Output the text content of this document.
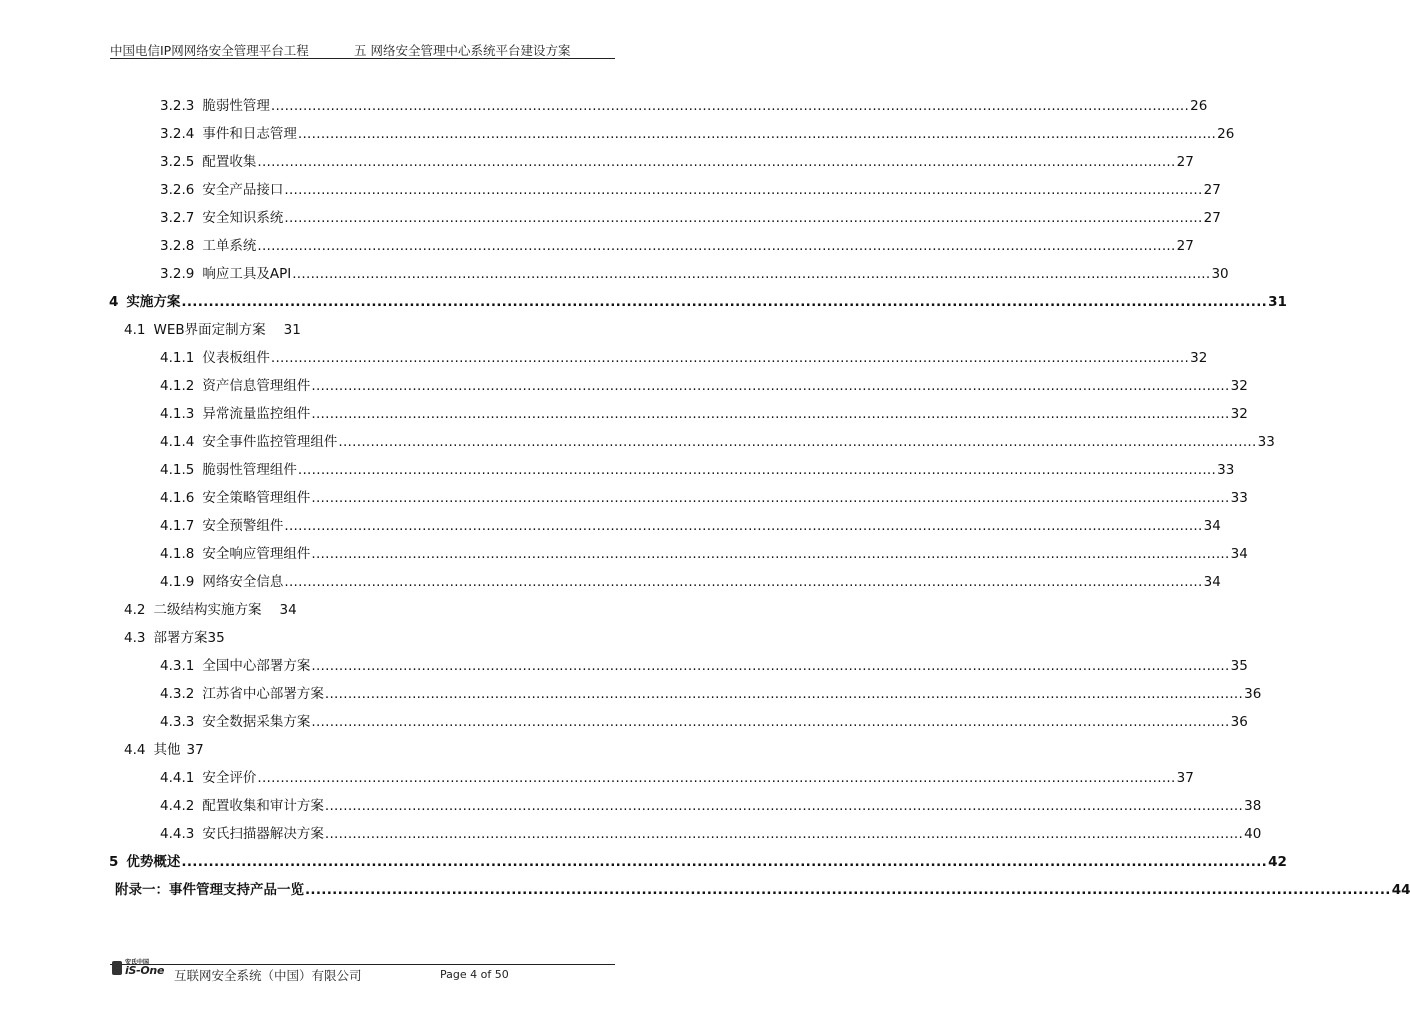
中国电信IP网网络安全管理平台工程	五 网络安全管理中心系统平台建设方案
3.2.3 脆弱性管理 ........................................................................................................................................................................................................ 26
3.2.4 事件和日志管理 ........................................................................................................................................................................................................ 26
3.2.5 配置收集 ........................................................................................................................................................................................................ 27
3.2.6 安全产品接口 ........................................................................................................................................................................................................ 27
3.2.7 安全知识系统 ........................................................................................................................................................................................................ 27
3.2.8 工单系统 ........................................................................................................................................................................................................ 27
3.2.9 响应工具及API ........................................................................................................................................................................................................ 30
4 实施方案 ........................................................................................................................................................................................................ 31
4.1 WEB界面定制方案 31
4.1.1 仪表板组件 ........................................................................................................................................................................................................ 32
4.1.2 资产信息管理组件 ........................................................................................................................................................................................................ 32
4.1.3 异常流量监控组件 ........................................................................................................................................................................................................ 32
4.1.4 安全事件监控管理组件 ........................................................................................................................................................................................................ 33
4.1.5 脆弱性管理组件 ........................................................................................................................................................................................................ 33
4.1.6 安全策略管理组件 ........................................................................................................................................................................................................ 33
4.1.7 安全预警组件 ........................................................................................................................................................................................................ 34
4.1.8 安全响应管理组件 ........................................................................................................................................................................................................ 34
4.1.9 网络安全信息 ........................................................................................................................................................................................................ 34
4.2 二级结构实施方案 34
4.3 部署方案 35
4.3.1 全国中心部署方案 ........................................................................................................................................................................................................ 35
4.3.2 江苏省中心部署方案 ........................................................................................................................................................................................................ 36
4.3.3 安全数据采集方案 ........................................................................................................................................................................................................ 36
4.4 其他 37
4.4.1 安全评价 ........................................................................................................................................................................................................ 37
4.4.2 配置收集和审计方案 ........................................................................................................................................................................................................ 38
4.4.3 安氏扫描器解决方案 ........................................................................................................................................................................................................ 40
5 优势概述 ........................................................................................................................................................................................................ 42
附录一：事件管理支持产品一览 ........................................................................................................................................................................................................ 44
安氏中国
iS-One 互联网安全系统（中国）有限公司	Page 4 of 50
